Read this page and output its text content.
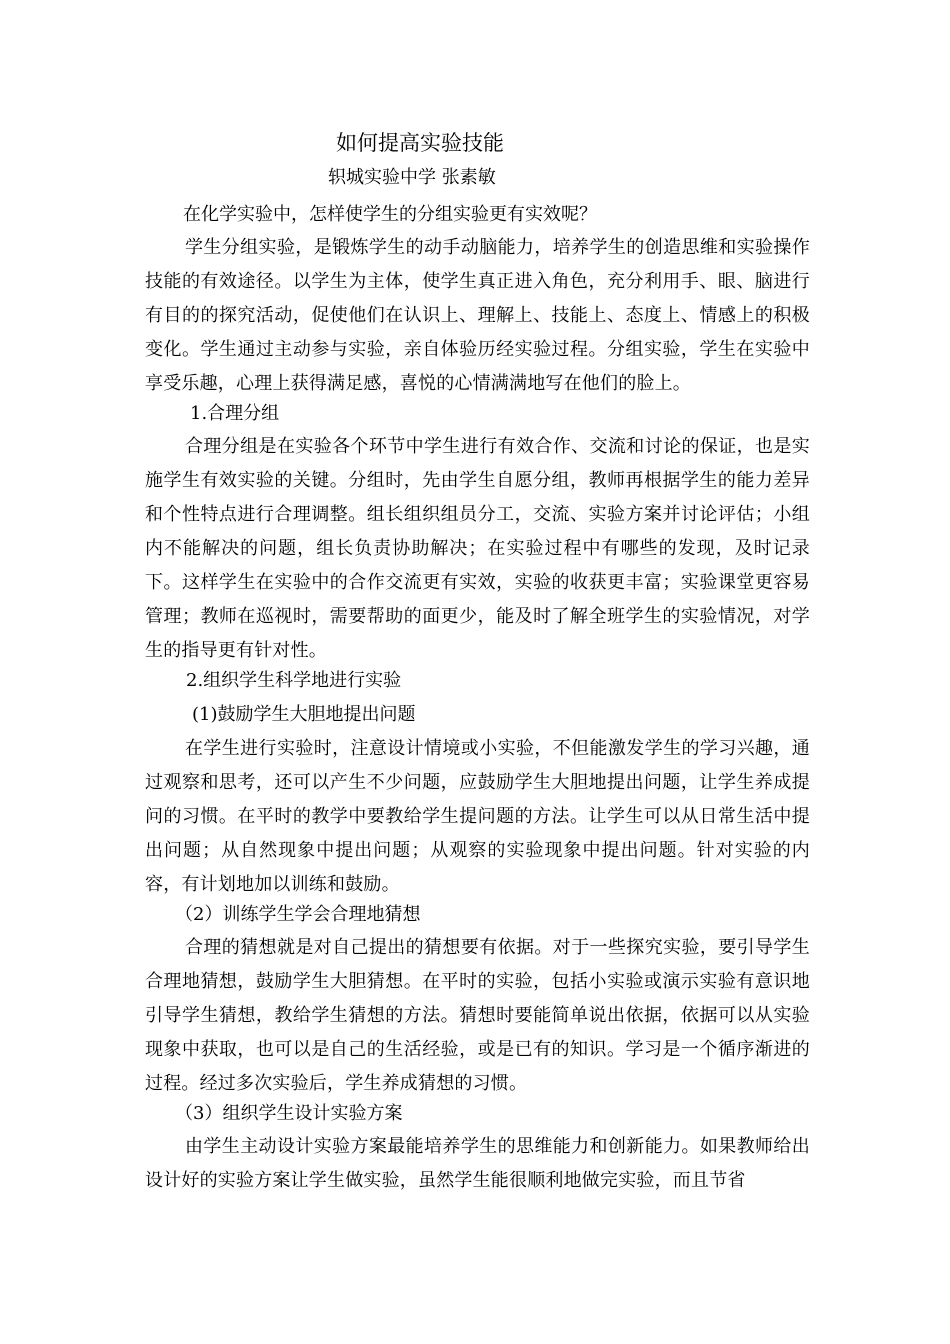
如何提高实验技能
轵城实验中学 张素敏
在化学实验中，怎样使学生的分组实验更有实效呢？
学生分组实验，是锻炼学生的动手动脑能力，培养学生的创造思维和实验操作技能的有效途径。以学生为主体，使学生真正进入角色，充分利用手、眼、脑进行有目的的探究活动，促使他们在认识上、理解上、技能上、态度上、情感上的积极变化。学生通过主动参与实验，亲自体验历经实验过程。分组实验，学生在实验中享受乐趣，心理上获得满足感，喜悦的心情满满地写在他们的脸上。
1.合理分组
合理分组是在实验各个环节中学生进行有效合作、交流和讨论的保证，也是实施学生有效实验的关键。分组时，先由学生自愿分组，教师再根据学生的能力差异和个性特点进行合理调整。组长组织组员分工，交流、实验方案并讨论评估；小组内不能解决的问题，组长负责协助解决；在实验过程中有哪些的发现，及时记录下。这样学生在实验中的合作交流更有实效，实验的收获更丰富；实验课堂更容易管理；教师在巡视时，需要帮助的面更少，能及时了解全班学生的实验情况，对学生的指导更有针对性。
2.组织学生科学地进行实验
(1)鼓励学生大胆地提出问题
在学生进行实验时，注意设计情境或小实验，不但能激发学生的学习兴趣，通过观察和思考，还可以产生不少问题，应鼓励学生大胆地提出问题，让学生养成提问的习惯。在平时的教学中要教给学生提问题的方法。让学生可以从日常生活中提出问题；从自然现象中提出问题；从观察的实验现象中提出问题。针对实验的内容，有计划地加以训练和鼓励。
（2）训练学生学会合理地猜想
合理的猜想就是对自己提出的猜想要有依据。对于一些探究实验，要引导学生合理地猜想，鼓励学生大胆猜想。在平时的实验，包括小实验或演示实验有意识地引导学生猜想，教给学生猜想的方法。猜想时要能简单说出依据，依据可以从实验现象中获取，也可以是自己的生活经验，或是已有的知识。学习是一个循序渐进的过程。经过多次实验后，学生养成猜想的习惯。
（3）组织学生设计实验方案
由学生主动设计实验方案最能培养学生的思维能力和创新能力。如果教师给出设计好的实验方案让学生做实验，虽然学生能很顺利地做完实验，而且节省
